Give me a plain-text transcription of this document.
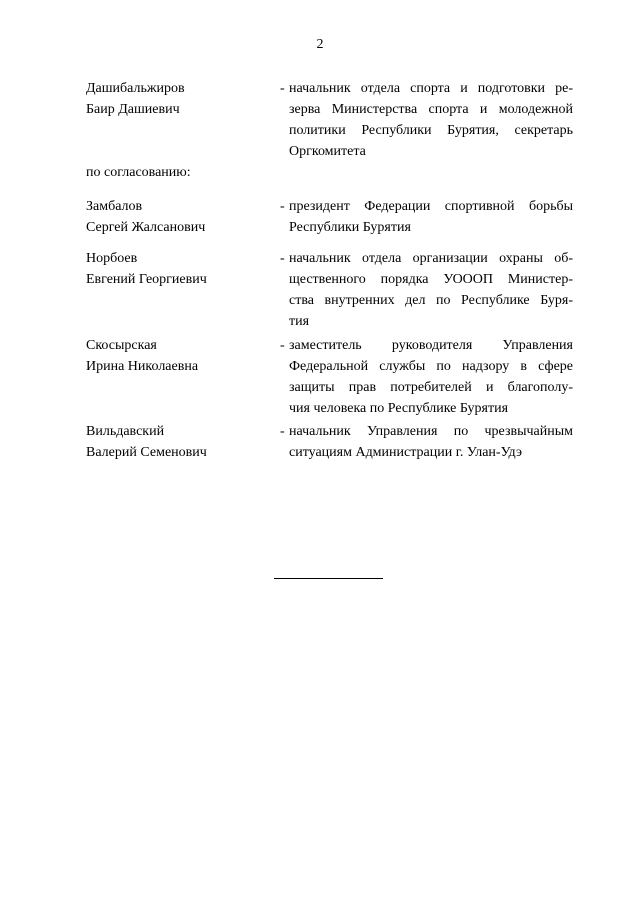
2
Дашибальжиров
Баир Дашиевич
- начальник отдела спорта и подготовки ре-
зерва Министерства спорта и молодежной
политики Республики Бурятия, секретарь
Оргкомитета
по согласованию:
Замбалов
Сергей Жалсанович
- президент Федерации спортивной борьбы
Республики Бурятия
Норбоев
Евгений Георгиевич
- начальник отдела организации охраны об-
щественного порядка УОООП Министер-
ства внутренних дел по Республике Буря-
тия
Скосырская
Ирина Николаевна
- заместитель руководителя Управления
Федеральной службы по надзору в сфере
защиты прав потребителей и благополу-
чия человека по Республике Бурятия
Вильдавский
Валерий Семенович
- начальник Управления по чрезвычайным
ситуациям Администрации г. Улан-Удэ
